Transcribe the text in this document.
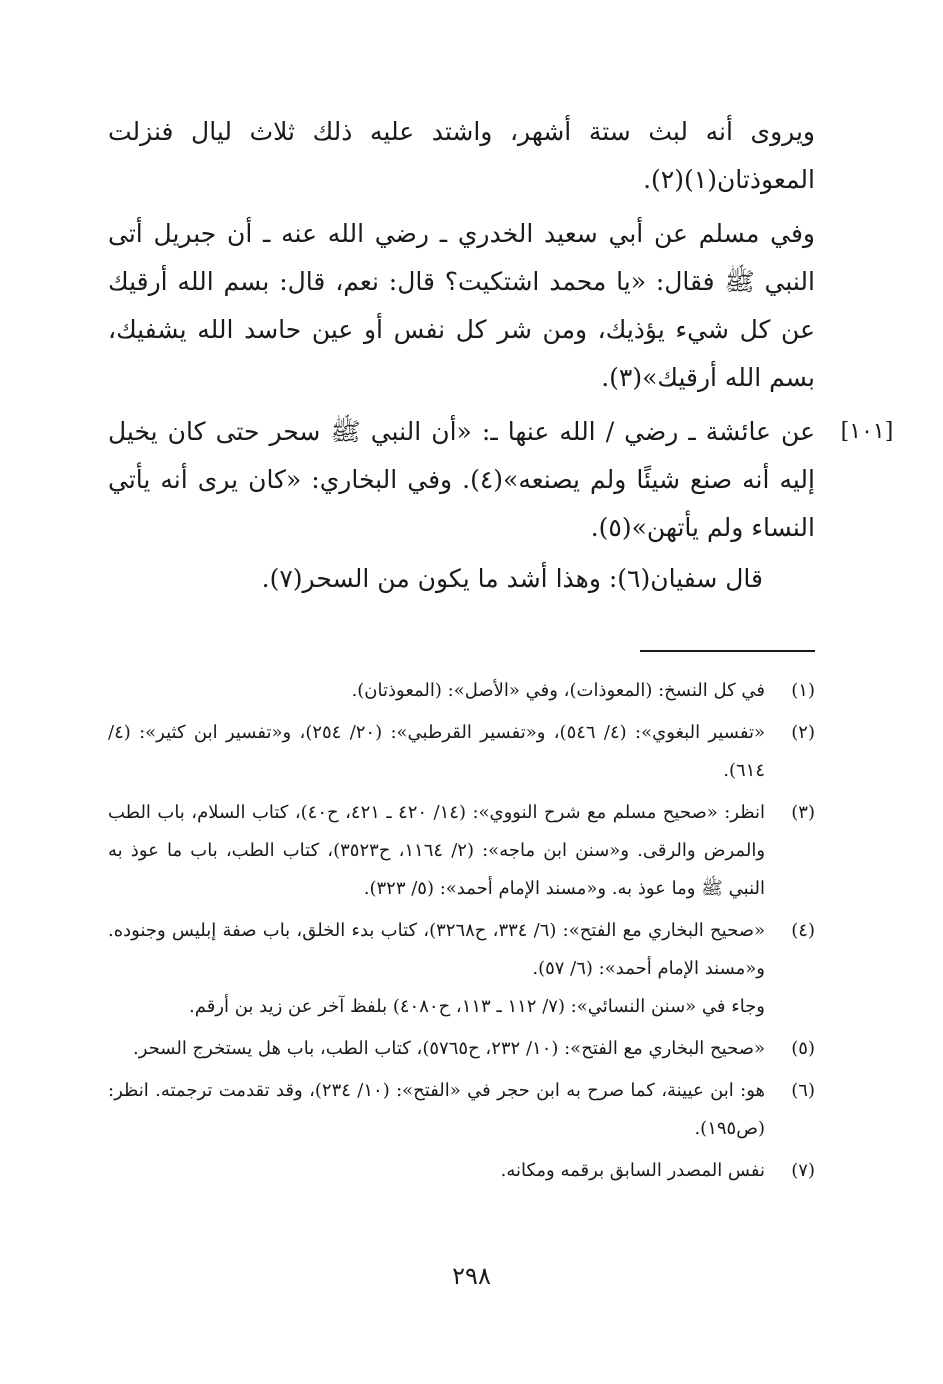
ويروى أنه لبث ستة أشهر، واشتد عليه ذلك ثلاث ليال فنزلت المعوذتان(١)(٢).
وفي مسلم عن أبي سعيد الخدري ـ رضي الله عنه ـ أن جبريل أتى النبي ﷺ فقال: «يا محمد اشتكيت؟ قال: نعم، قال: بسم الله أرقيك عن كل شيء يؤذيك، ومن شر كل نفس أو عين حاسد الله يشفيك، بسم الله أرقيك»(٣).
[١٠١]
عن عائشة ـ رضي / الله عنها ـ: «أن النبي ﷺ سحر حتى كان يخيل إليه أنه صنع شيئًا ولم يصنعه»(٤). وفي البخاري: «كان يرى أنه يأتي النساء ولم يأتهن»(٥).
قال سفيان(٦): وهذا أشد ما يكون من السحر(٧).
(١)
في كل النسخ: (المعوذات)، وفي «الأصل»: (المعوذتان).
(٢)
«تفسير البغوي»: (٤/ ٥٤٦)، و«تفسير القرطبي»: (٢٠/ ٢٥٤)، و«تفسير ابن كثير»: (٤/ ٦١٤).
(٣)
انظر: «صحيح مسلم مع شرح النووي»: (١٤/ ٤٢٠ ـ ٤٢١، ح٤٠)، كتاب السلام، باب الطب والمرض والرقى. و«سنن ابن ماجه»: (٢/ ١١٦٤، ح٣٥٢٣)، كتاب الطب، باب ما عوذ به النبي ﷺ وما عوذ به. و«مسند الإمام أحمد»: (٥/ ٣٢٣).
(٤)
«صحيح البخاري مع الفتح»: (٦/ ٣٣٤، ح٣٢٦٨)، كتاب بدء الخلق، باب صفة إبليس وجنوده. و«مسند الإمام أحمد»: (٦/ ٥٧).
وجاء في «سنن النسائي»: (٧/ ١١٢ ـ ١١٣، ح٤٠٨٠) بلفظ آخر عن زيد بن أرقم.
(٥)
«صحيح البخاري مع الفتح»: (١٠/ ٢٣٢، ح٥٧٦٥)، كتاب الطب، باب هل يستخرج السحر.
(٦)
هو: ابن عيينة، كما صرح به ابن حجر في «الفتح»: (١٠/ ٢٣٤)، وقد تقدمت ترجمته. انظر: (ص١٩٥).
(٧)
نفس المصدر السابق برقمه ومكانه.
٢٩٨
